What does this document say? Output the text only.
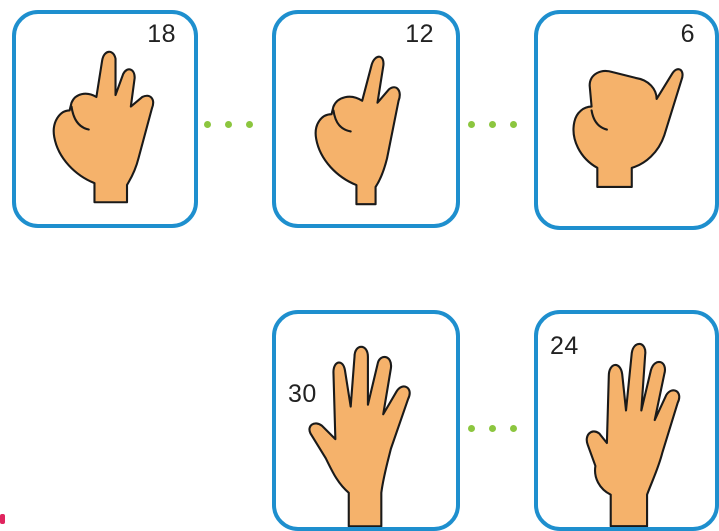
18	12	6
30
24
